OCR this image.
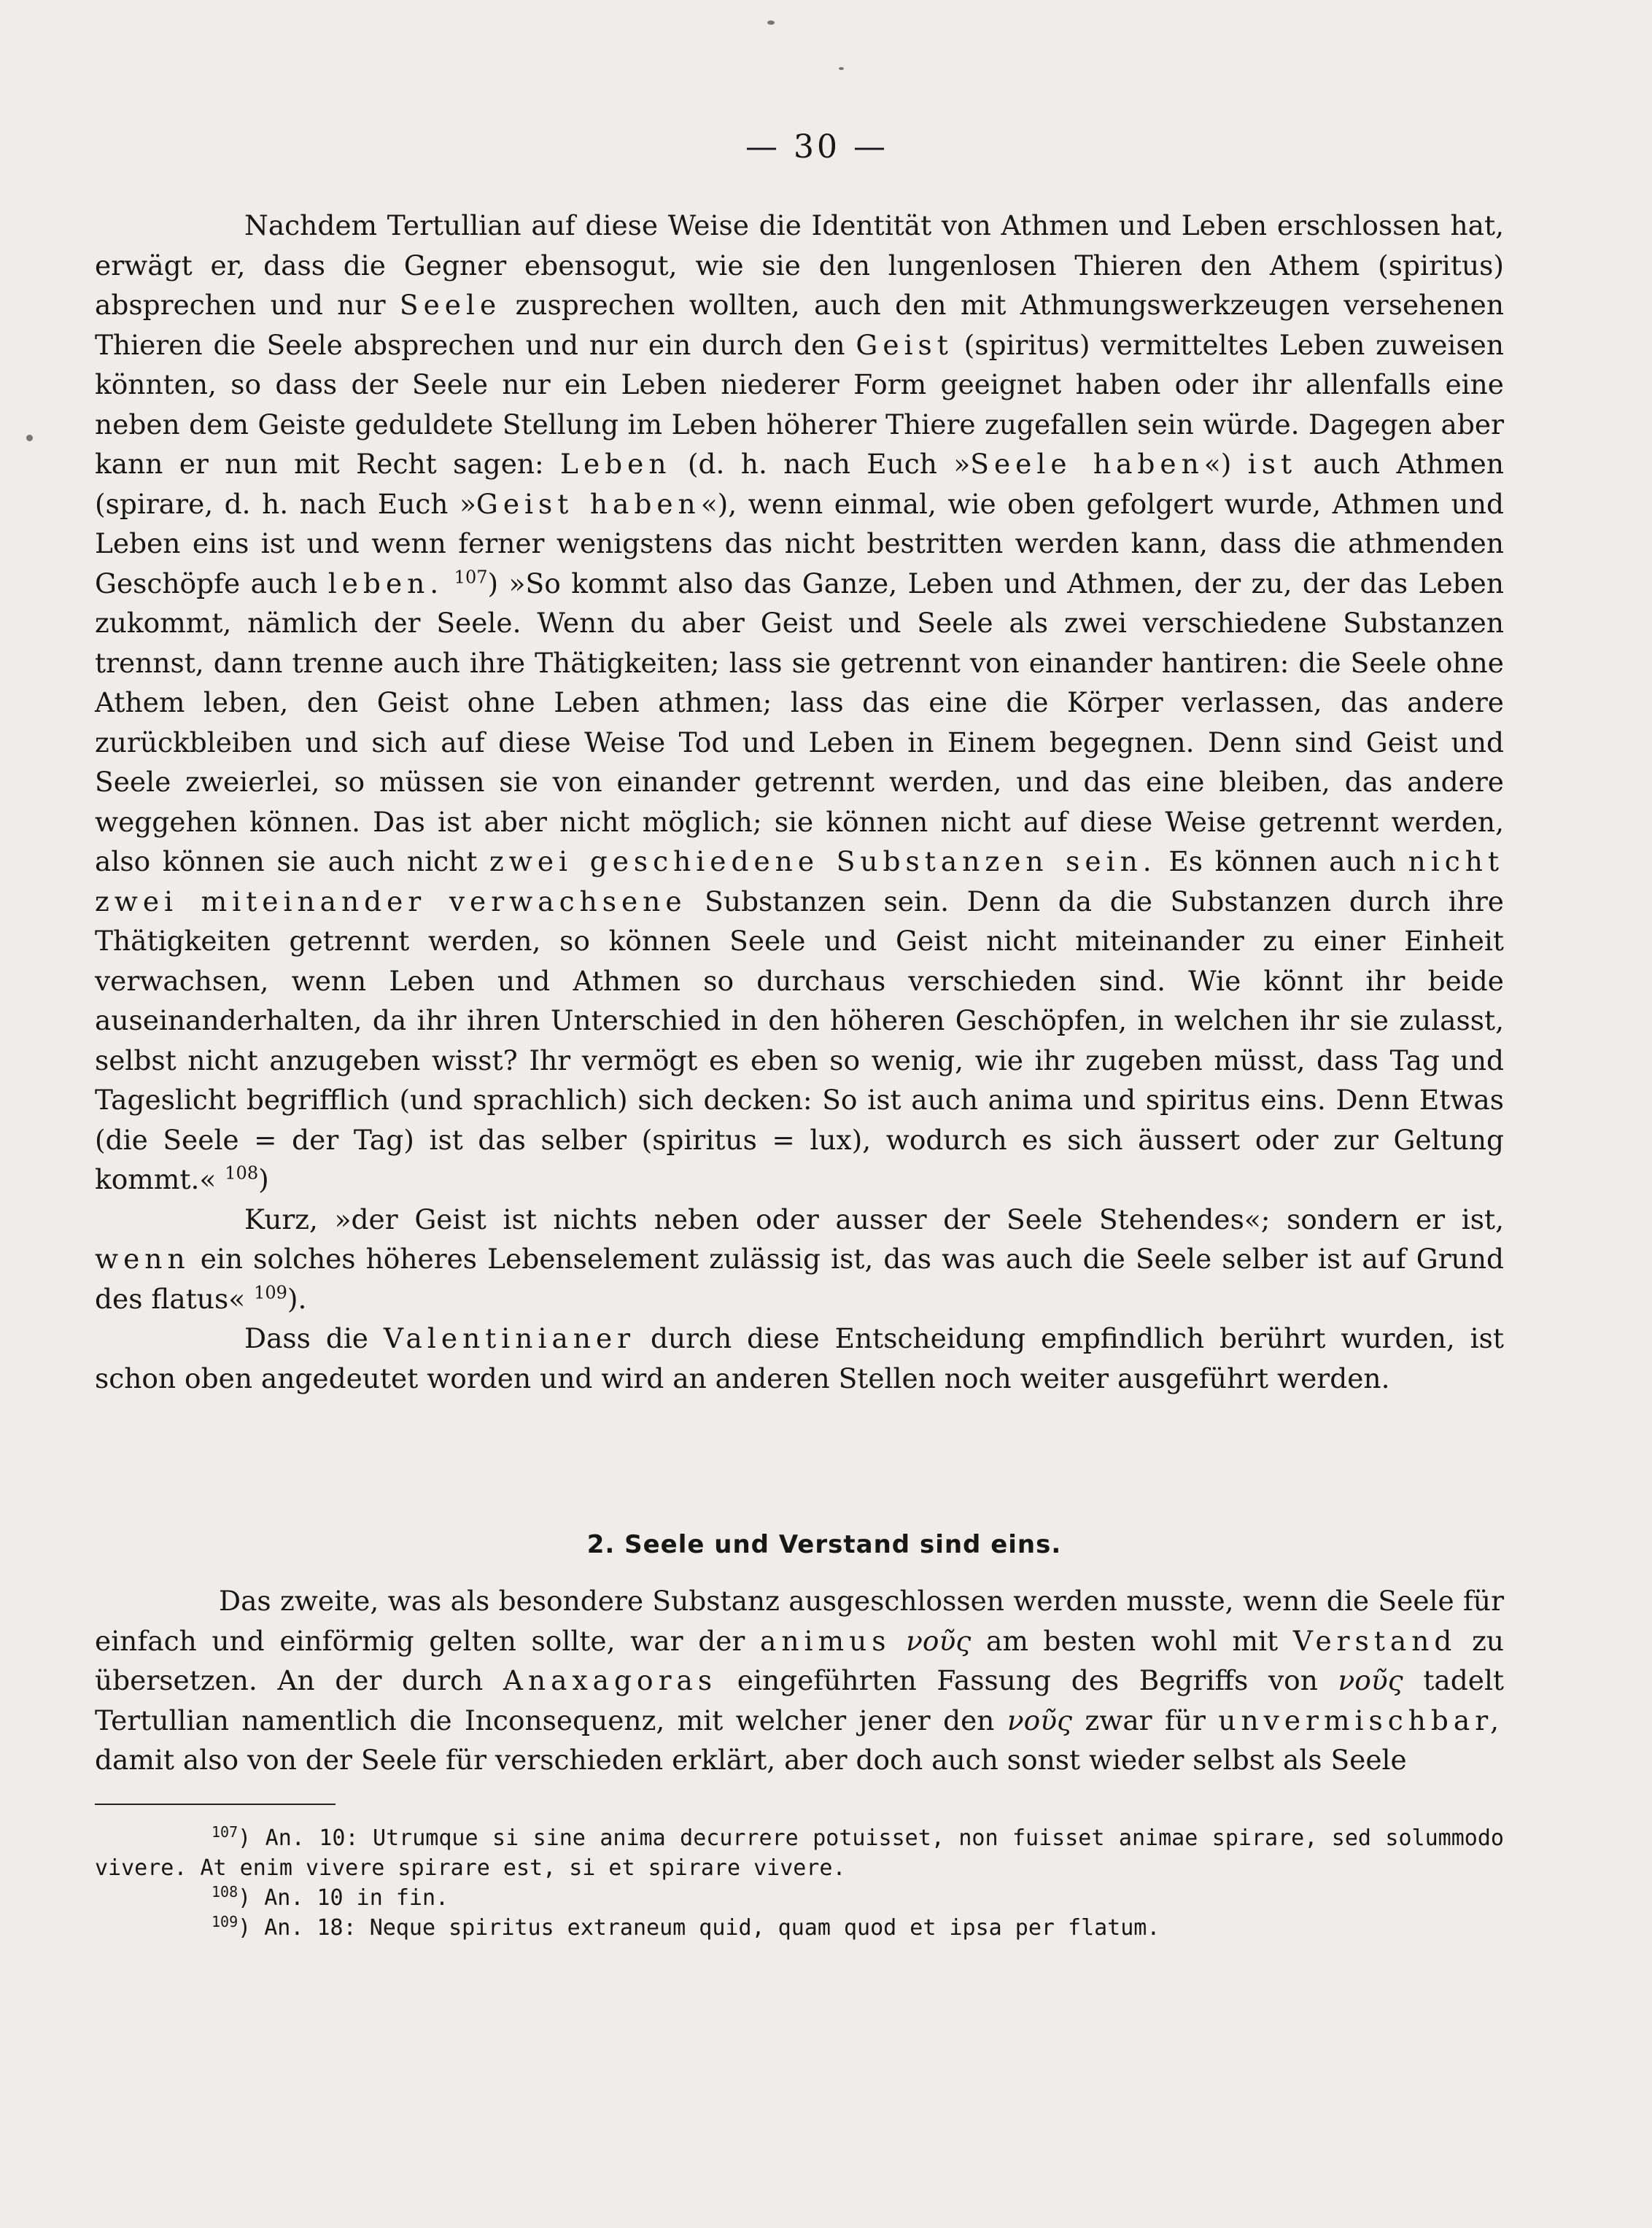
— 30 —

Nachdem Tertullian auf diese Weise die Identität von Athmen und Leben erschlossen hat, erwägt er, dass die Gegner ebensogut, wie sie den lungenlosen Thieren den Athem (spiritus) absprechen und nur Seele zusprechen wollten, auch den mit Athmungswerkzeugen versehenen Thieren die Seele absprechen und nur ein durch den Geist (spiritus) vermitteltes Leben zuweisen könnten, so dass der Seele nur ein Leben niederer Form geeignet haben oder ihr allenfalls eine neben dem Geiste geduldete Stellung im Leben höherer Thiere zugefallen sein würde. Dagegen aber kann er nun mit Recht sagen: Leben (d. h. nach Euch »Seele haben«) ist auch Athmen (spirare, d. h. nach Euch »Geist haben«), wenn einmal, wie oben gefolgert wurde, Athmen und Leben eins ist und wenn ferner wenigstens das nicht bestritten werden kann, dass die athmenden Geschöpfe auch leben. $^{107}$) »So kommt also das Ganze, Leben und Athmen, der zu, der das Leben zukommt, nämlich der Seele. Wenn du aber Geist und Seele als zwei verschiedene Substanzen trennst, dann trenne auch ihre Thätigkeiten; lass sie getrennt von einander hantiren: die Seele ohne Athem leben, den Geist ohne Leben athmen; lass das eine die Körper verlassen, das andere zurückbleiben und sich auf diese Weise Tod und Leben in Einem begegnen. Denn sind Geist und Seele zweierlei, so müssen sie von einander getrennt werden, und das eine bleiben, das andere weggehen können. Das ist aber nicht möglich; sie können nicht auf diese Weise getrennt werden, also können sie auch nicht zwei geschiedene Substanzen sein. Es können auch nicht zwei miteinander verwachsene Substanzen sein. Denn da die Substanzen durch ihre Thätigkeiten getrennt werden, so können Seele und Geist nicht miteinander zu einer Einheit verwachsen, wenn Leben und Athmen so durchaus verschieden sind. Wie könnt ihr beide auseinanderhalten, da ihr ihren Unterschied in den höheren Geschöpfen, in welchen ihr sie zulasst, selbst nicht anzugeben wisst? Ihr vermögt es eben so wenig, wie ihr zugeben müsst, dass Tag und Tageslicht begrifflich (und sprachlich) sich decken: So ist auch anima und spiritus eins. Denn Etwas (die Seele = der Tag) ist das selber (spiritus = lux), wodurch es sich äussert oder zur Geltung kommt.« $^{108}$)

Kurz, »der Geist ist nichts neben oder ausser der Seele Stehendes«; sondern er ist, wenn ein solches höheres Lebenselement zulässig ist, das was auch die Seele selber ist auf Grund des flatus« $^{109}$).

Dass die Valentinianer durch diese Entscheidung empfindlich berührt wurden, ist schon oben angedeutet worden und wird an anderen Stellen noch weiter ausgeführt werden.

2. Seele und Verstand sind eins.

Das zweite, was als besondere Substanz ausgeschlossen werden musste, wenn die Seele für einfach und einförmig gelten sollte, war der animus νοῦς am besten wohl mit Verstand zu übersetzen. An der durch Anaxagoras eingeführten Fassung des Begriffs von νοῦς tadelt Tertullian namentlich die Inconsequenz, mit welcher jener den νοῦς zwar für unvermischbar, damit also von der Seele für verschieden erklärt, aber doch auch sonst wieder selbst als Seele

$^{107}$) An. 10: Utrumque si sine anima decurrere potuisset, non fuisset animae spirare, sed solummodo vivere. At enim vivere spirare est, si et spirare vivere.

$^{108}$) An. 10 in fin.

$^{109}$) An. 18: Neque spiritus extraneum quid, quam quod et ipsa per flatum.
